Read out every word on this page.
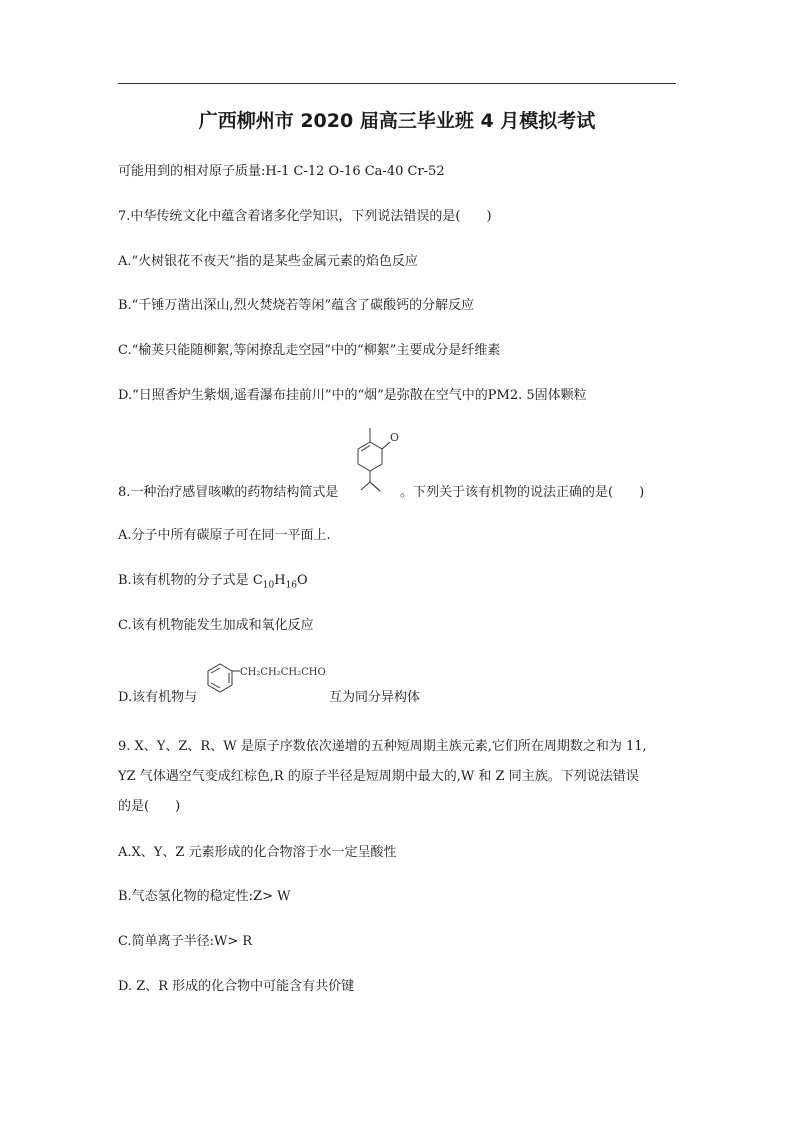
广西柳州市 2020 届高三毕业班 4 月模拟考试
可能用到的相对原子质量:H-1 C-12 O-16 Ca-40 Cr-52
7.中华传统文化中蕴含着诸多化学知识，下列说法错误的是(　　)
A.“火树银花不夜天”指的是某些金属元素的焰色反应
B.“千锤万凿出深山,烈火焚烧若等闲”蕴含了碳酸钙的分解反应
C.“榆荚只能随柳絮,等闲撩乱走空园”中的“柳絮”主要成分是纤维素
D.“日照香炉生紫烟,遥看瀑布挂前川”中的“烟”是弥散在空气中的PM2. 5固体颗粒
8.一种治疗感冒咳嗽的药物结构简式是
O
。下列关于该有机物的说法正确的是(　　)
A.分子中所有碳原子可在同一平面上.
B.该有机物的分子式是 $C_{10}H_{16}O$
C.该有机物能发生加成和氧化反应
D.该有机物与
CH₂CH₂CH₂CHO
互为同分异构体
9. X、Y、Z、R、W 是原子序数依次递增的五种短周期主族元素,它们所在周期数之和为 11,
YZ 气体遇空气变成红棕色,R 的原子半径是短周期中最大的,W 和 Z 同主族。下列说法错误
的是(　　)
A.X、Y、Z 元素形成的化合物溶于水一定呈酸性
B.气态氢化物的稳定性:Z> W
C.简单离子半径:W> R
D. Z、R 形成的化合物中可能含有共价键
